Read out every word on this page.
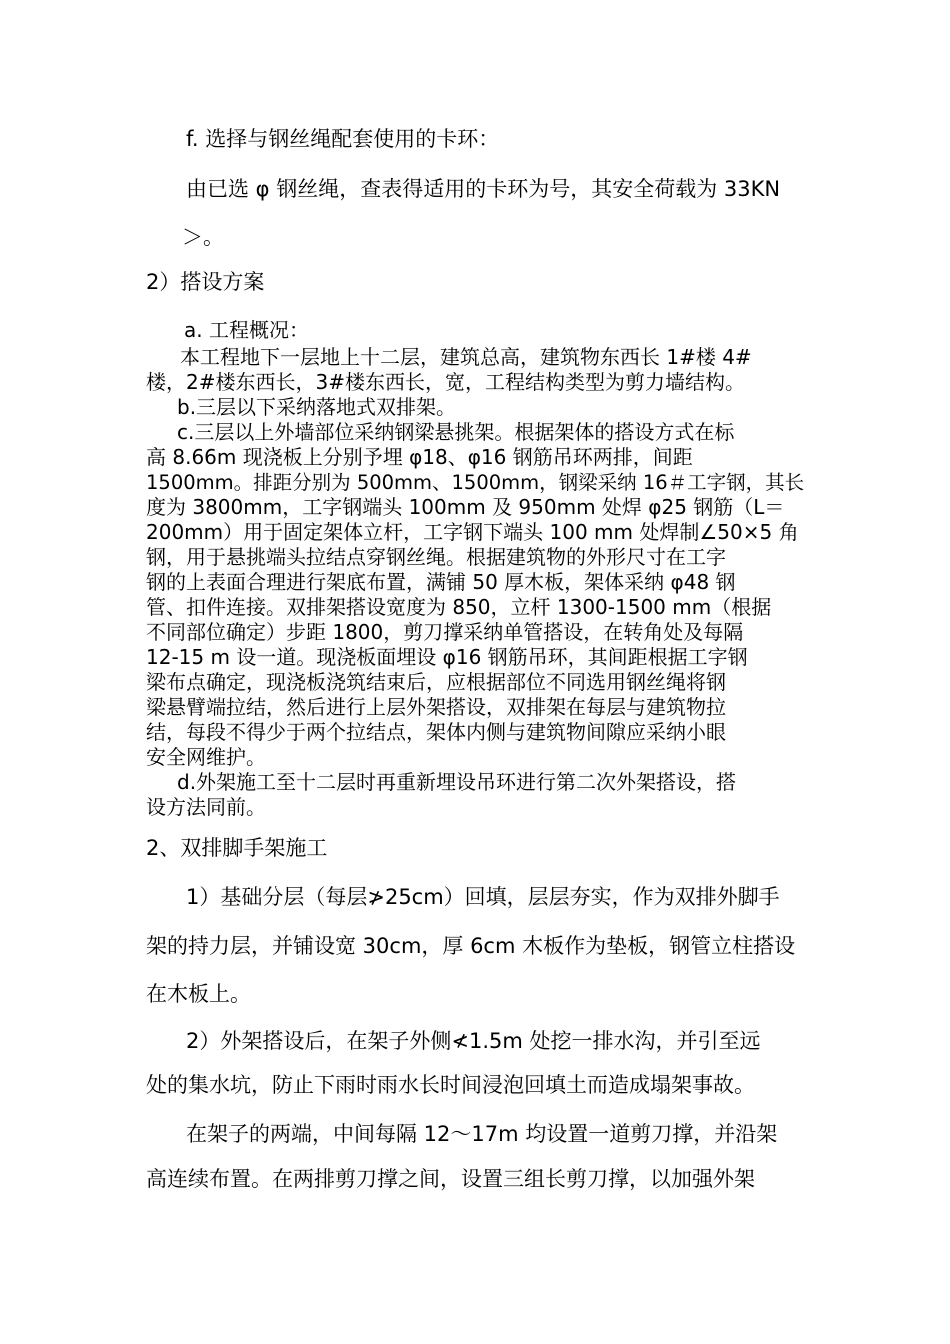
f. 选择与钢丝绳配套使用的卡环：
由已选 φ 钢丝绳，查表得适用的卡环为号，其安全荷载为 33KN
＞。
2）搭设方案
a. 工程概况：
本工程地下一层地上十二层，建筑总高，建筑物东西长 1#楼 4#
楼，2#楼东西长，3#楼东西长，宽，工程结构类型为剪力墙结构。
b.三层以下采纳落地式双排架。
c.三层以上外墙部位采纳钢梁悬挑架。根据架体的搭设方式在标
高 8.66m 现浇板上分别予埋 φ18、φ16 钢筋吊环两排，间距
1500mm。排距分别为 500mm、1500mm，钢梁采纳 16＃工字钢，其长
度为 3800mm，工字钢端头 100mm 及 950mm 处焊 φ25 钢筋（L＝
200mm）用于固定架体立杆，工字钢下端头 100 mm 处焊制∠50×5 角
钢，用于悬挑端头拉结点穿钢丝绳。根据建筑物的外形尺寸在工字
钢的上表面合理进行架底布置，满铺 50 厚木板，架体采纳 φ48 钢
管、扣件连接。双排架搭设宽度为 850，立杆 1300-1500 mm（根据
不同部位确定）步距 1800，剪刀撑采纳单管搭设，在转角处及每隔
12-15 m 设一道。现浇板面埋设 φ16 钢筋吊环，其间距根据工字钢
梁布点确定，现浇板浇筑结束后，应根据部位不同选用钢丝绳将钢
梁悬臂端拉结，然后进行上层外架搭设，双排架在每层与建筑物拉
结，每段不得少于两个拉结点，架体内侧与建筑物间隙应采纳小眼
安全网维护。
d.外架施工至十二层时再重新埋设吊环进行第二次外架搭设，搭
设方法同前。
2、双排脚手架施工
1）基础分层（每层≯25cm）回填，层层夯实，作为双排外脚手
架的持力层，并铺设宽 30cm，厚 6cm 木板作为垫板，钢管立柱搭设
在木板上。
2）外架搭设后，在架子外侧≮1.5m 处挖一排水沟，并引至远
处的集水坑，防止下雨时雨水长时间浸泡回填土而造成塌架事故。
在架子的两端，中间每隔 12～17m 均设置一道剪刀撑，并沿架
高连续布置。在两排剪刀撑之间，设置三组长剪刀撑，以加强外架
